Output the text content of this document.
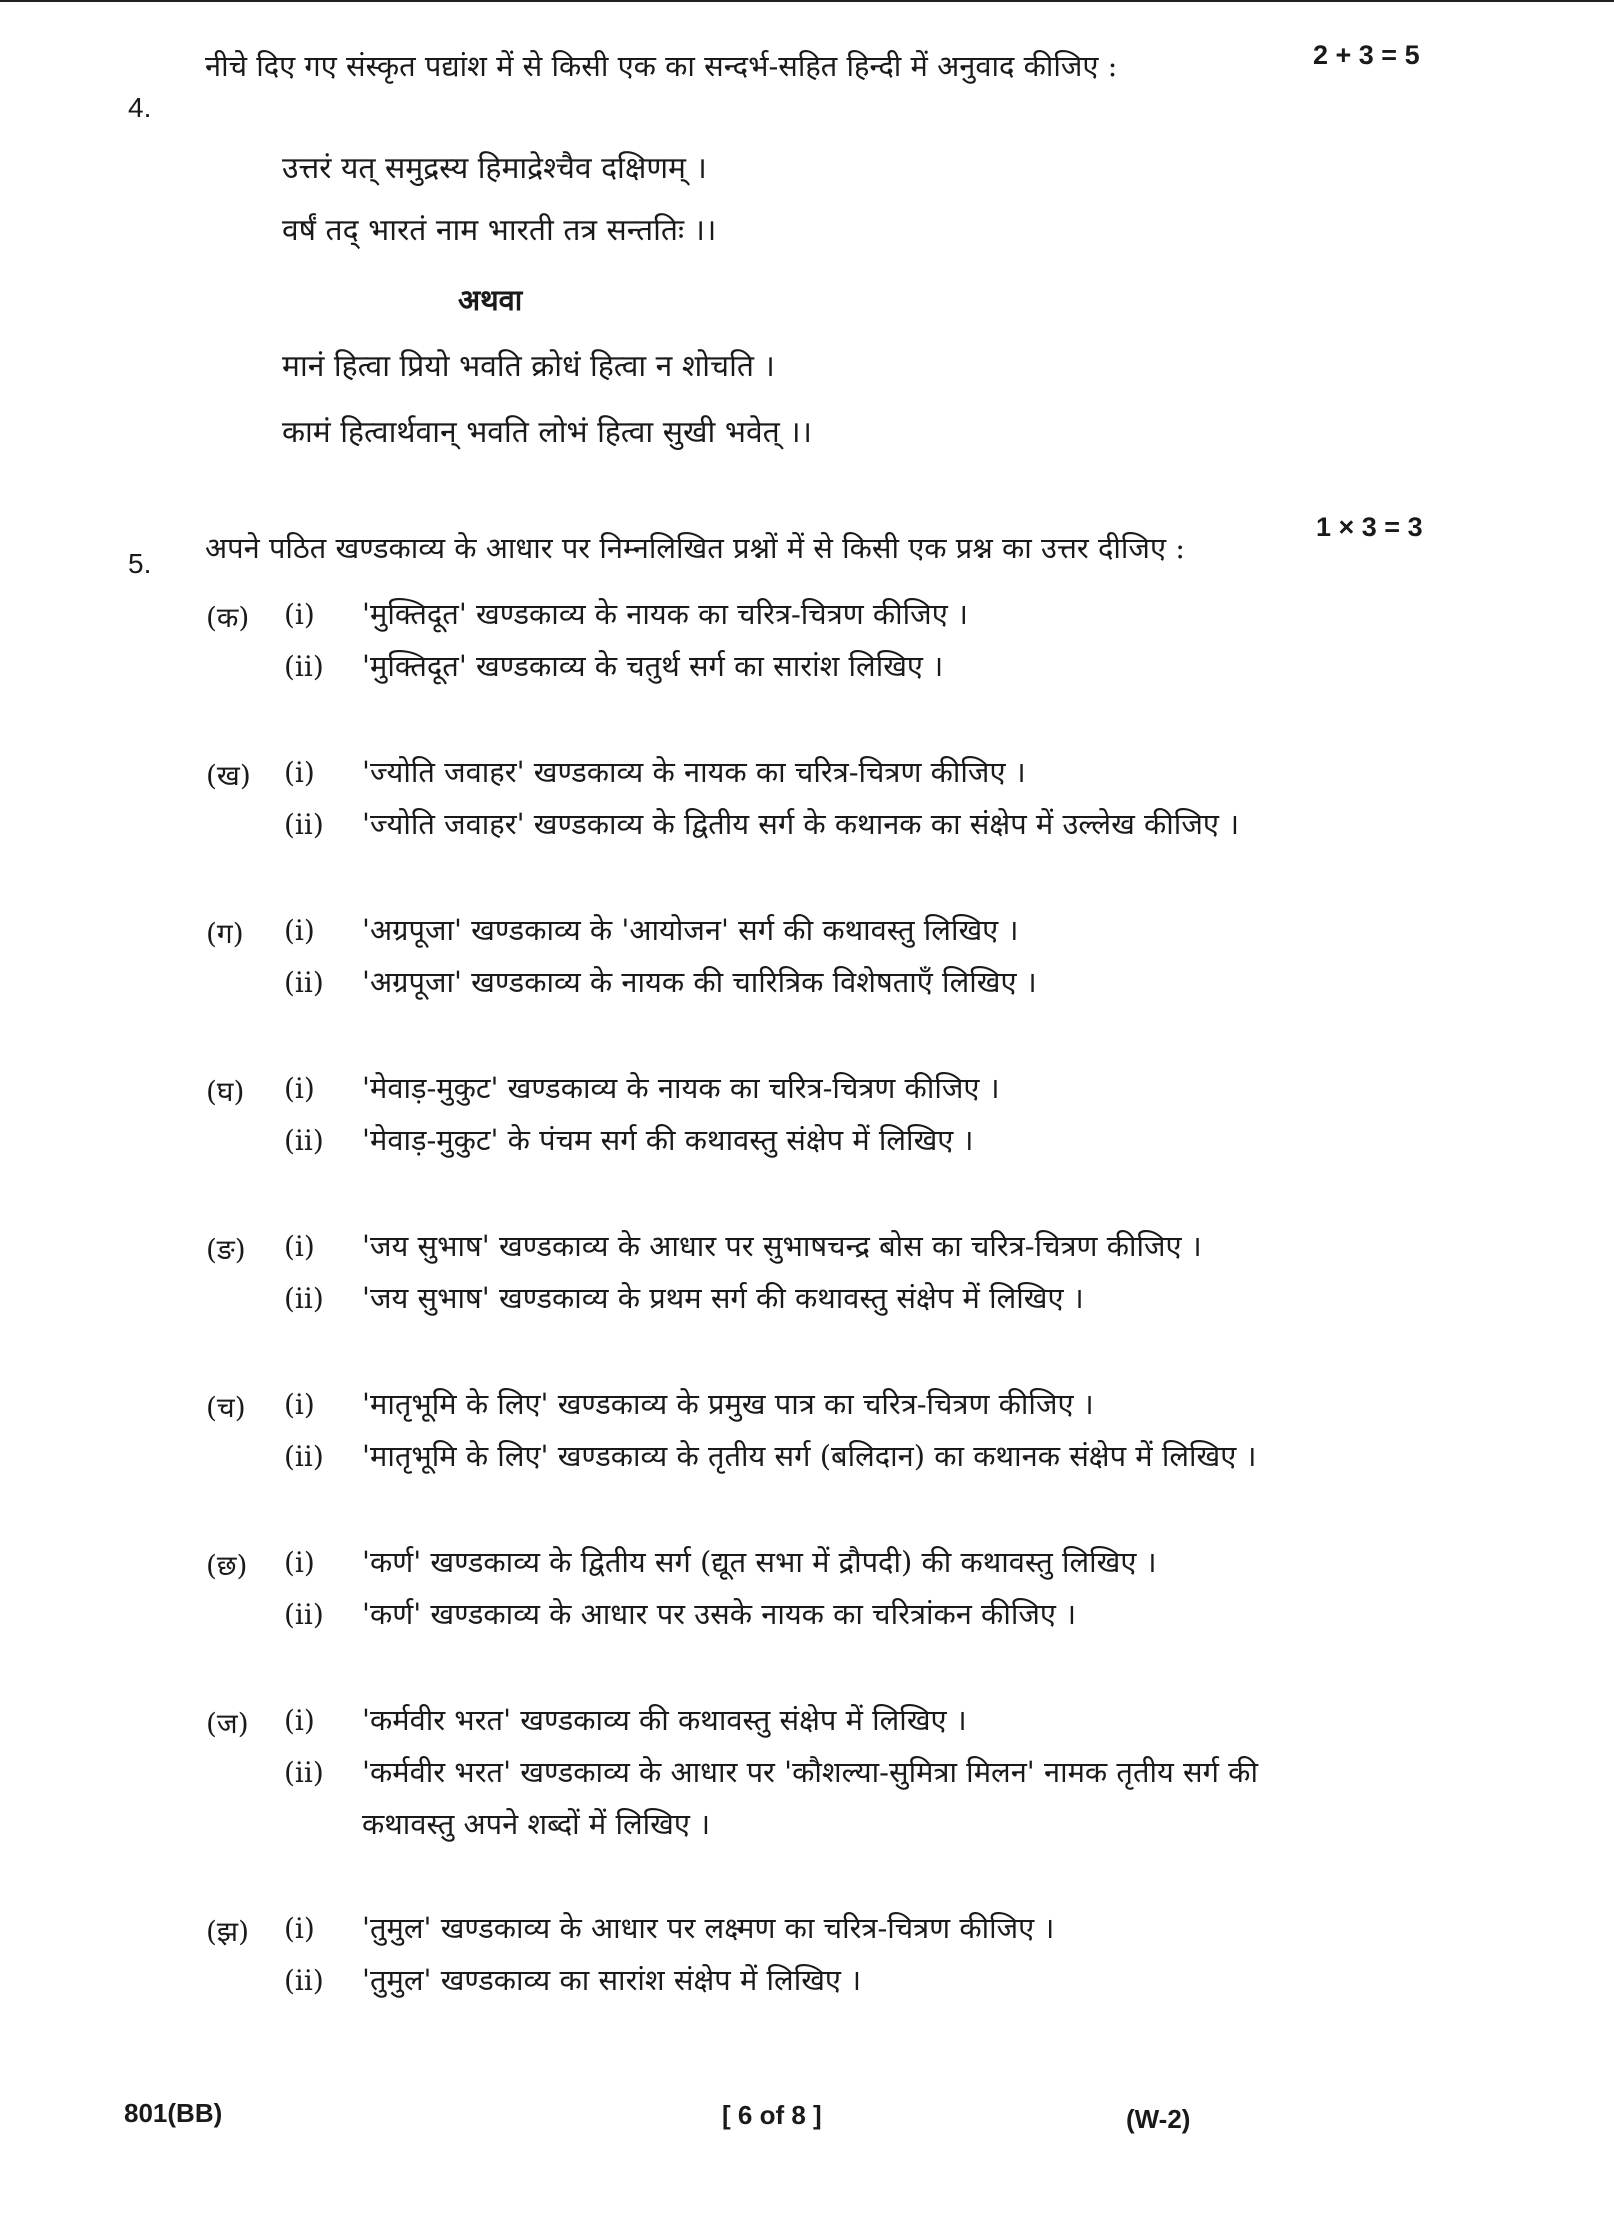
4.
नीचे दिए गए संस्कृत पद्यांश में से किसी एक का सन्दर्भ-सहित हिन्दी में अनुवाद कीजिए :	2 + 3 = 5
उत्तरं यत् समुद्रस्य हिमाद्रेश्चैव दक्षिणम् ।
वर्षं तद् भारतं नाम भारती तत्र सन्ततिः ।।
अथवा
मानं हित्वा प्रियो भवति क्रोधं हित्वा न शोचति ।
कामं हित्वार्थवान् भवति लोभं हित्वा सुखी भवेत् ।।
5. अपने पठित खण्डकाव्य के आधार पर निम्नलिखित प्रश्नों में से किसी एक प्रश्न का उत्तर दीजिए :
1 × 3 = 3
(क) (i) 'मुक्तिदूत' खण्डकाव्य के नायक का चरित्र-चित्रण कीजिए ।
(ii) 'मुक्तिदूत' खण्डकाव्य के चतुर्थ सर्ग का सारांश लिखिए ।
(ख) (i) 'ज्योति जवाहर' खण्डकाव्य के नायक का चरित्र-चित्रण कीजिए ।
(ii) 'ज्योति जवाहर' खण्डकाव्य के द्वितीय सर्ग के कथानक का संक्षेप में उल्लेख कीजिए ।
(ग) (i) 'अग्रपूजा' खण्डकाव्य के 'आयोजन' सर्ग की कथावस्तु लिखिए ।
(ii) 'अग्रपूजा' खण्डकाव्य के नायक की चारित्रिक विशेषताएँ लिखिए ।
(घ) (i) 'मेवाड़-मुकुट' खण्डकाव्य के नायक का चरित्र-चित्रण कीजिए ।
(ii) 'मेवाड़-मुकुट' के पंचम सर्ग की कथावस्तु संक्षेप में लिखिए ।
(ङ) (i) 'जय सुभाष' खण्डकाव्य के आधार पर सुभाषचन्द्र बोस का चरित्र-चित्रण कीजिए ।
(ii) 'जय सुभाष' खण्डकाव्य के प्रथम सर्ग की कथावस्तु संक्षेप में लिखिए ।
(च) (i) 'मातृभूमि के लिए' खण्डकाव्य के प्रमुख पात्र का चरित्र-चित्रण कीजिए ।
(ii) 'मातृभूमि के लिए' खण्डकाव्य के तृतीय सर्ग (बलिदान) का कथानक संक्षेप में लिखिए ।
(छ) (i) 'कर्ण' खण्डकाव्य के द्वितीय सर्ग (द्यूत सभा में द्रौपदी) की कथावस्तु लिखिए ।
(ii) 'कर्ण' खण्डकाव्य के आधार पर उसके नायक का चरित्रांकन कीजिए ।
(ज) (i) 'कर्मवीर भरत' खण्डकाव्य की कथावस्तु संक्षेप में लिखिए ।
(ii) 'कर्मवीर भरत' खण्डकाव्य के आधार पर 'कौशल्या-सुमित्रा मिलन' नामक तृतीय सर्ग की
कथावस्तु अपने शब्दों में लिखिए ।
(झ) (i) 'तुमुल' खण्डकाव्य के आधार पर लक्ष्मण का चरित्र-चित्रण कीजिए ।
(ii) 'तुमुल' खण्डकाव्य का सारांश संक्षेप में लिखिए ।
801(BB)	[ 6 of 8 ]	(W-2)
